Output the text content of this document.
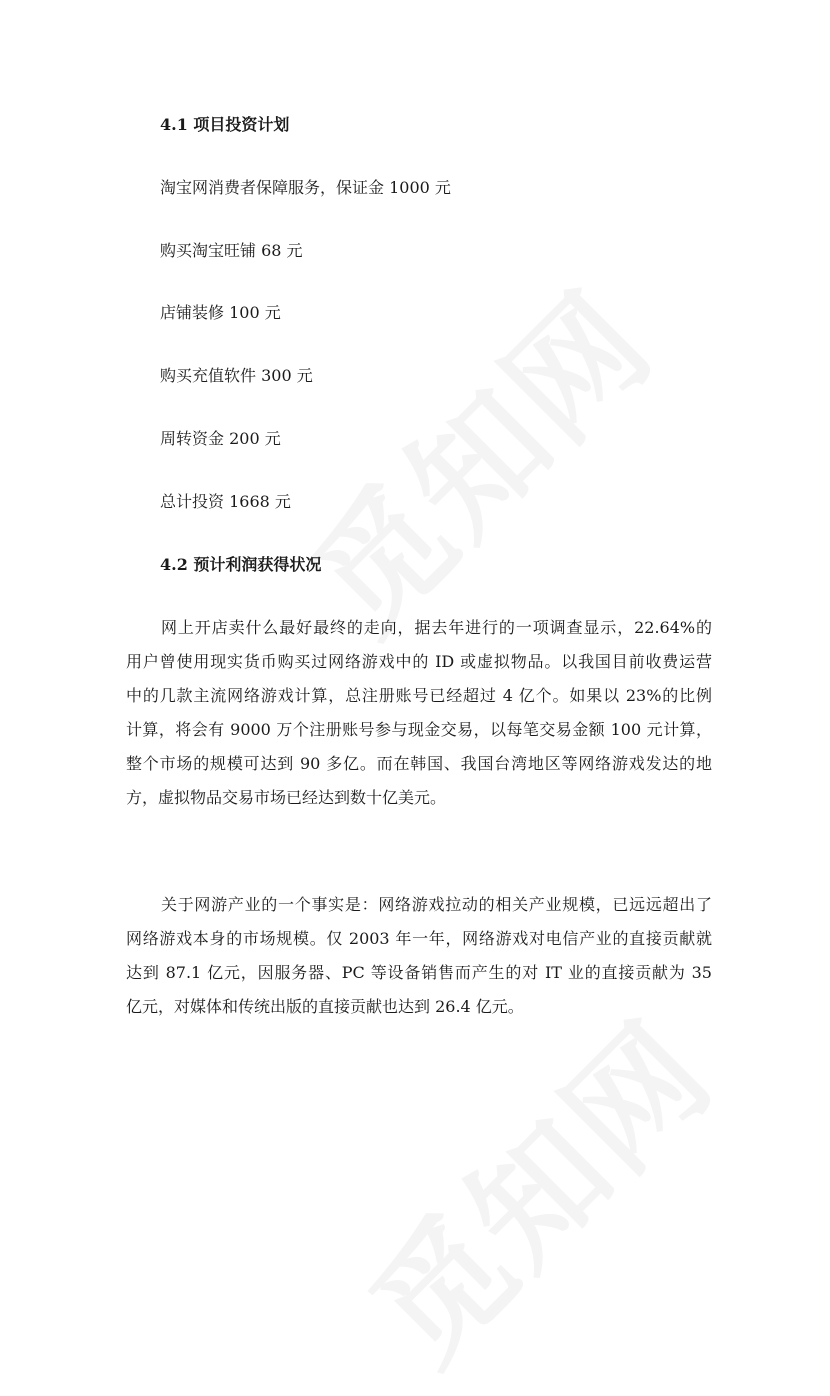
4.1 项目投资计划
淘宝网消费者保障服务，保证金 1000 元
购买淘宝旺铺 68 元
店铺装修 100 元
购买充值软件 300 元
周转资金 200 元
总计投资 1668 元
4.2 预计利润获得状况
网上开店卖什么最好最终的走向，据去年进行的一项调查显示，22.64%的
用户曾使用现实货币购买过网络游戏中的 ID 或虚拟物品。以我国目前收费运营
中的几款主流网络游戏计算，总注册账号已经超过 4 亿个。如果以 23%的比例
计算，将会有 9000 万个注册账号参与现金交易，以每笔交易金额 100 元计算，
整个市场的规模可达到 90 多亿。而在韩国、我国台湾地区等网络游戏发达的地
方，虚拟物品交易市场已经达到数十亿美元。
关于网游产业的一个事实是：网络游戏拉动的相关产业规模，已远远超出了
网络游戏本身的市场规模。仅 2003 年一年，网络游戏对电信产业的直接贡献就
达到 87.1 亿元，因服务器、PC 等设备销售而产生的对 IT 业的直接贡献为 35
亿元，对媒体和传统出版的直接贡献也达到 26.4 亿元。
